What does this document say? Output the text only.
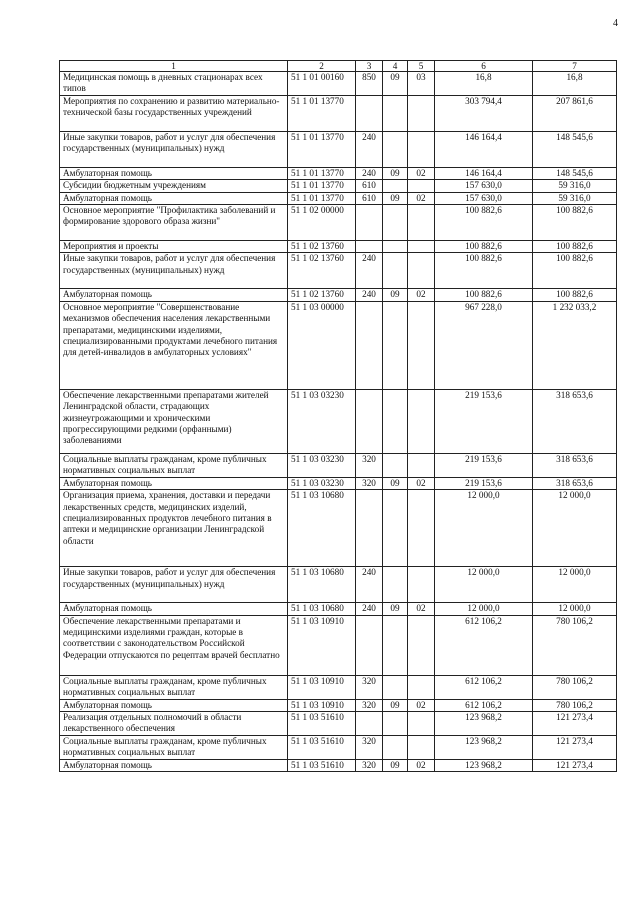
4
1	2	3	4	5	6	7
Медицинская помощь в дневных стационарах всех типов	51 1 01 00160	850	09	03	16,8	16,8
Мероприятия по сохранению и развитию материально-технической базы государственных учреждений	51 1 01 13770				303 794,4	207 861,6
Иные закупки товаров, работ и услуг для обеспечения государственных (муниципальных) нужд	51 1 01 13770	240			146 164,4	148 545,6
Амбулаторная помощь	51 1 01 13770	240	09	02	146 164,4	148 545,6
Субсидии бюджетным учреждениям	51 1 01 13770	610			157 630,0	59 316,0
Амбулаторная помощь	51 1 01 13770	610	09	02	157 630,0	59 316,0
Основное мероприятие "Профилактика заболеваний и формирование здорового образа жизни"	51 1 02 00000				100 882,6	100 882,6
Мероприятия и проекты	51 1 02 13760				100 882,6	100 882,6
Иные закупки товаров, работ и услуг для обеспечения государственных (муниципальных) нужд	51 1 02 13760	240			100 882,6	100 882,6
Амбулаторная помощь	51 1 02 13760	240	09	02	100 882,6	100 882,6
Основное мероприятие "Совершенствование механизмов обеспечения населения лекарственными препаратами, медицинскими изделиями, специализированными продуктами лечебного питания для детей-инвалидов в амбулаторных условиях"	51 1 03 00000				967 228,0	1 232 033,2
Обеспечение лекарственными препаратами жителей Ленинградской области, страдающих жизнеугрожающими и хроническими прогрессирующими редкими (орфанными) заболеваниями	51 1 03 03230				219 153,6	318 653,6
Социальные выплаты гражданам, кроме публичных нормативных социальных выплат	51 1 03 03230	320			219 153,6	318 653,6
Амбулаторная помощь	51 1 03 03230	320	09	02	219 153,6	318 653,6
Организация приема, хранения, доставки и передачи лекарственных средств, медицинских изделий, специализированных продуктов лечебного питания в аптеки и медицинские организации Ленинградской области	51 1 03 10680				12 000,0	12 000,0
Иные закупки товаров, работ и услуг для обеспечения государственных (муниципальных) нужд	51 1 03 10680	240			12 000,0	12 000,0
Амбулаторная помощь	51 1 03 10680	240	09	02	12 000,0	12 000,0
Обеспечение лекарственными препаратами и медицинскими изделиями граждан, которые в соответствии с законодательством Российской Федерации отпускаются по рецептам врачей бесплатно	51 1 03 10910				612 106,2	780 106,2
Социальные выплаты гражданам, кроме публичных нормативных социальных выплат	51 1 03 10910	320			612 106,2	780 106,2
Амбулаторная помощь	51 1 03 10910	320	09	02	612 106,2	780 106,2
Реализация отдельных полномочий в области лекарственного обеспечения	51 1 03 51610				123 968,2	121 273,4
Социальные выплаты гражданам, кроме публичных нормативных социальных выплат	51 1 03 51610	320			123 968,2	121 273,4
Амбулаторная помощь	51 1 03 51610	320	09	02	123 968,2	121 273,4
